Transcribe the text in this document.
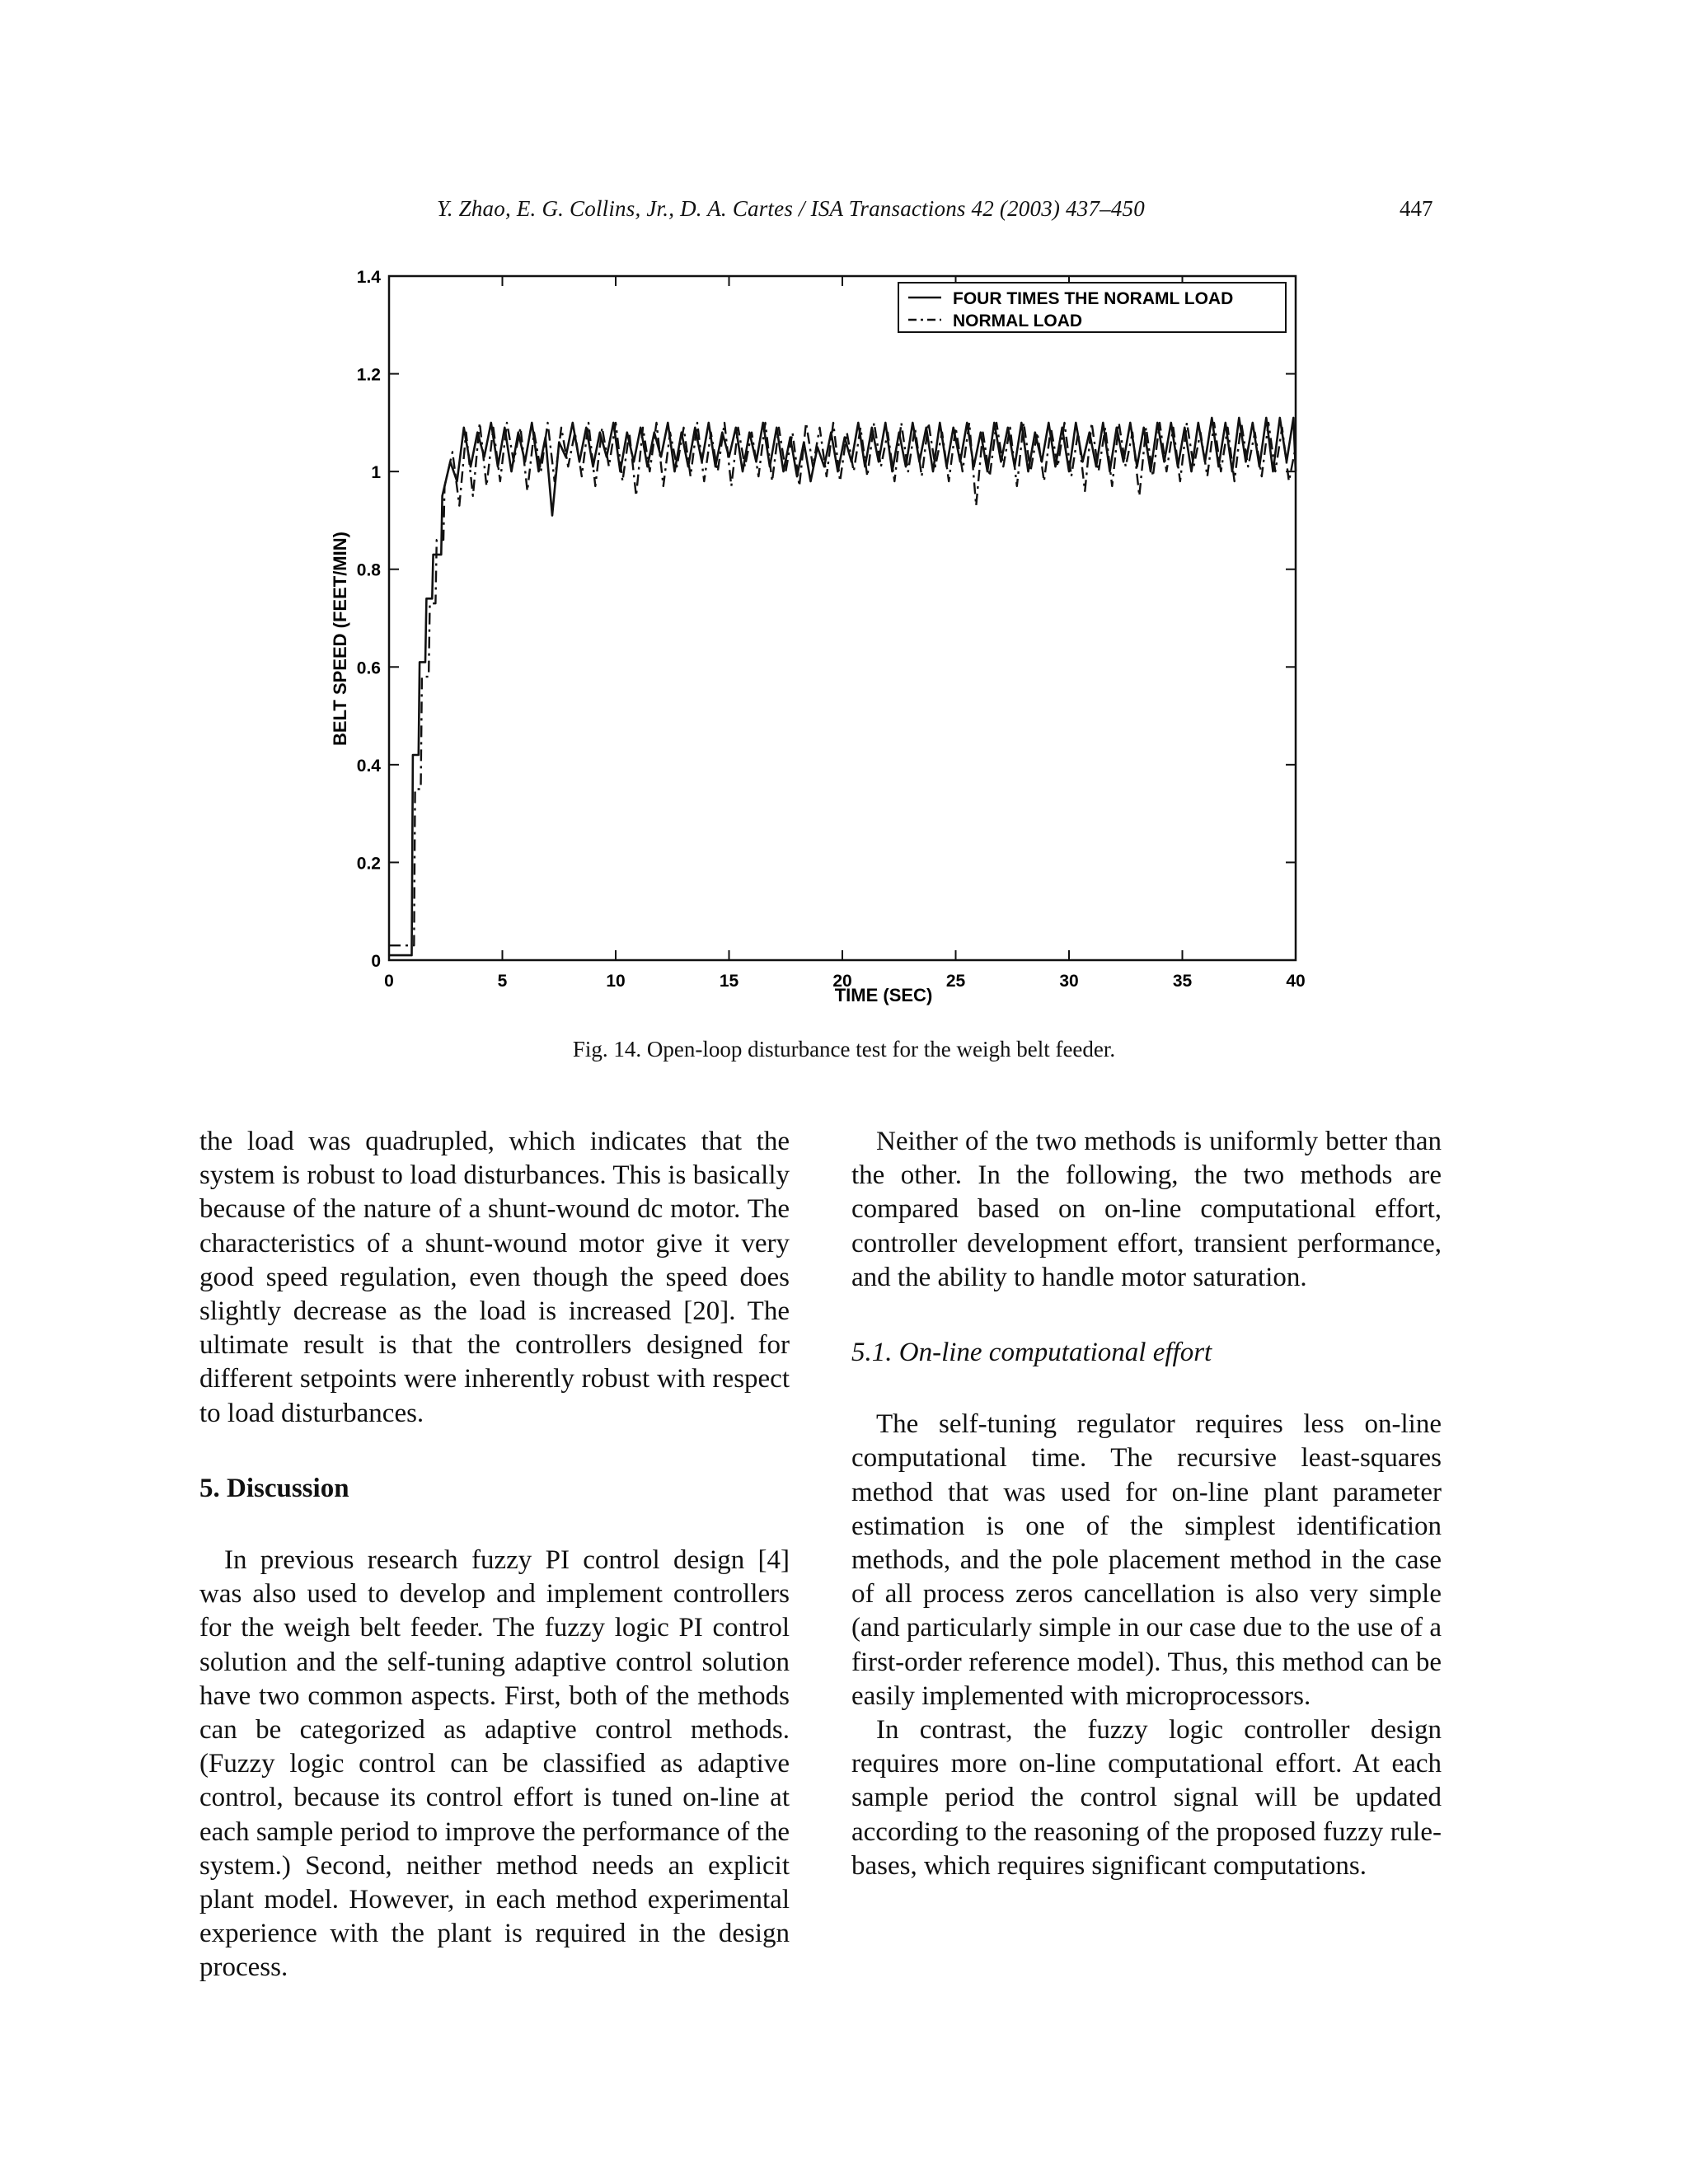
Y. Zhao, E. G. Collins, Jr., D. A. Cartes / ISA Transactions 42 (2003) 437–450	447
0	5	10	15	20	25	30	35	40
0
0.2
0.4
0.6
0.8
1
1.2
1.4
FOUR TIMES THE NORAML LOAD
NORMAL LOAD
TIME (SEC)
BELT SPEED (FEET/MIN)
Fig. 14. Open-loop disturbance test for the weigh belt feeder.

the load was quadrupled, which indicates that the system is robust to load disturbances. This is basically because of the nature of a shunt-wound dc motor. The characteristics of a shunt-wound motor give it very good speed regulation, even though the speed does slightly decrease as the load is increased [20]. The ultimate result is that the controllers designed for different setpoints were inherently robust with respect to load disturbances.

5. Discussion

In previous research fuzzy PI control design [4] was also used to develop and implement controllers for the weigh belt feeder. The fuzzy logic PI control solution and the self-tuning adaptive control solution have two common aspects. First, both of the methods can be categorized as adaptive control methods. (Fuzzy logic control can be classified as adaptive control, because its control effort is tuned on-line at each sample period to improve the performance of the system.) Second, neither method needs an explicit plant model. However, in each method experimental experience with the plant is required in the design process.

Neither of the two methods is uniformly better than the other. In the following, the two methods are compared based on on-line computational effort, controller development effort, transient performance, and the ability to handle motor saturation.

5.1. On-line computational effort

The self-tuning regulator requires less on-line computational time. The recursive least-squares method that was used for on-line plant parameter estimation is one of the simplest identification methods, and the pole placement method in the case of all process zeros cancellation is also very simple (and particularly simple in our case due to the use of a first-order reference model). Thus, this method can be easily implemented with microprocessors.

In contrast, the fuzzy logic controller design requires more on-line computational effort. At each sample period the control signal will be updated according to the reasoning of the proposed fuzzy rule-bases, which requires significant computations.
